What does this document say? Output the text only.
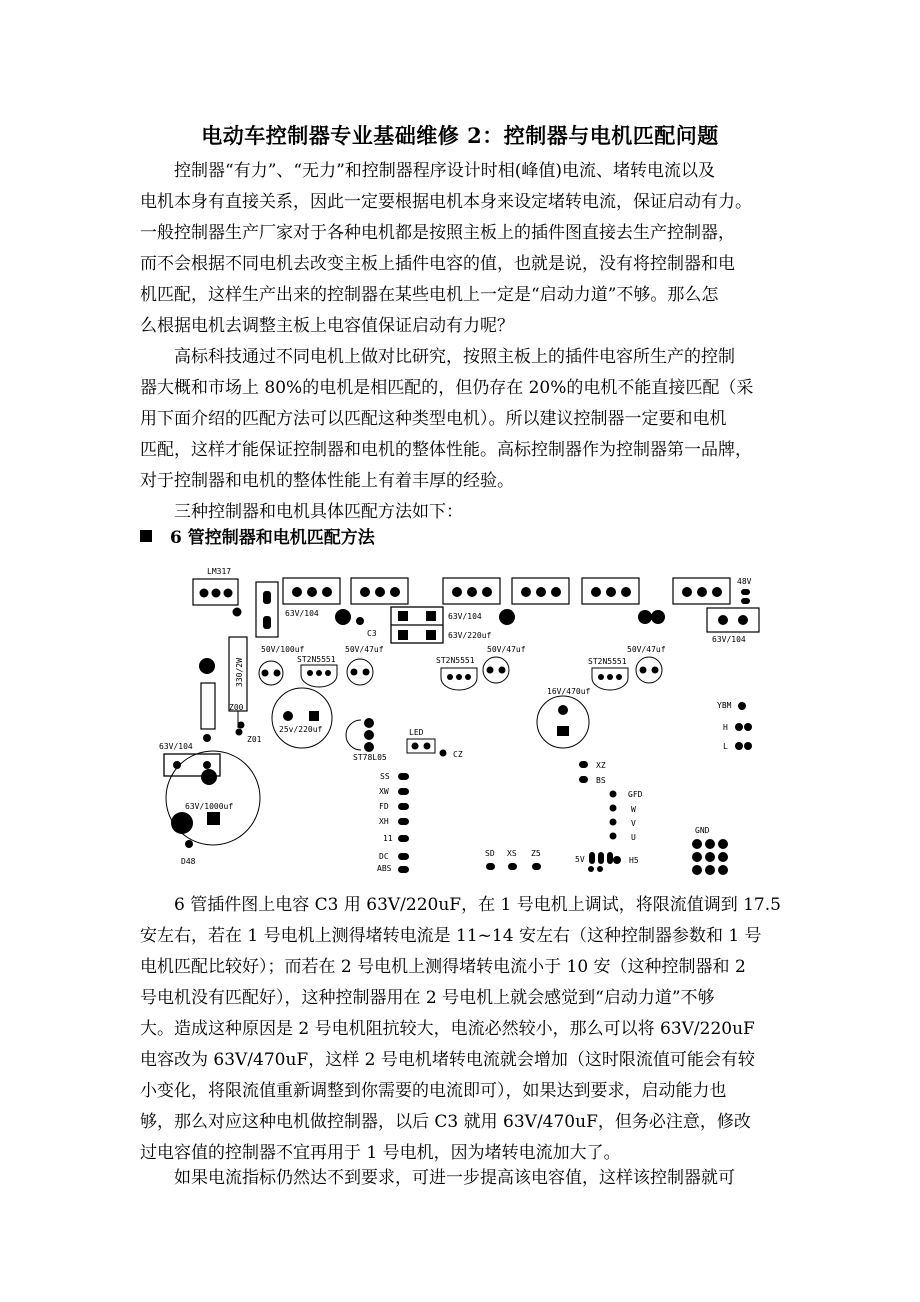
电动车控制器专业基础维修 2：控制器与电机匹配问题
控制器“有力”、“无力”和控制器程序设计时相(峰值)电流、堵转电流以及
电机本身有直接关系，因此一定要根据电机本身来设定堵转电流，保证启动有力。
一般控制器生产厂家对于各种电机都是按照主板上的插件图直接去生产控制器，
而不会根据不同电机去改变主板上插件电容的值，也就是说，没有将控制器和电
机匹配，这样生产出来的控制器在某些电机上一定是“启动力道”不够。那么怎
么根据电机去调整主板上电容值保证启动有力呢？
高标科技通过不同电机上做对比研究，按照主板上的插件电容所生产的控制
器大概和市场上 80%的电机是相匹配的，但仍存在 20%的电机不能直接匹配（采
用下面介绍的匹配方法可以匹配这种类型电机）。所以建议控制器一定要和电机
匹配，这样才能保证控制器和电机的整体性能。高标控制器作为控制器第一品牌，
对于控制器和电机的整体性能上有着丰厚的经验。
三种控制器和电机具体匹配方法如下：
6 管控制器和电机匹配方法
LM317
63V/104
C3
63V/104
63V/220uf
48V
63V/104
330/2W
Z00
Z01
50V/100uf
ST2N5551
50V/47uf
25v/220uf
ST78L05
LED
CZ
ST2N5551
50V/47uf
16V/470uf
ST2N5551
50V/47uf
YBM
H
L
63V/104
63V/1000uf
D48
SS
XW
FD
XH
11
DC
ABS
SD XS Z5
XZ
BS
GFD
W
V
U
5V	H5
GND
6 管插件图上电容 C3 用 63V/220uF，在 1 号电机上调试，将限流值调到 17.5
安左右，若在 1 号电机上测得堵转电流是 11~14 安左右（这种控制器参数和 1 号
电机匹配比较好）；而若在 2 号电机上测得堵转电流小于 10 安（这种控制器和 2
号电机没有匹配好），这种控制器用在 2 号电机上就会感觉到“启动力道”不够
大。造成这种原因是 2 号电机阻抗较大，电流必然较小，那么可以将 63V/220uF
电容改为 63V/470uF，这样 2 号电机堵转电流就会增加（这时限流值可能会有较
小变化，将限流值重新调整到你需要的电流即可），如果达到要求，启动能力也
够，那么对应这种电机做控制器，以后 C3 就用 63V/470uF，但务必注意，修改
过电容值的控制器不宜再用于 1 号电机，因为堵转电流加大了。
如果电流指标仍然达不到要求，可进一步提高该电容值，这样该控制器就可
